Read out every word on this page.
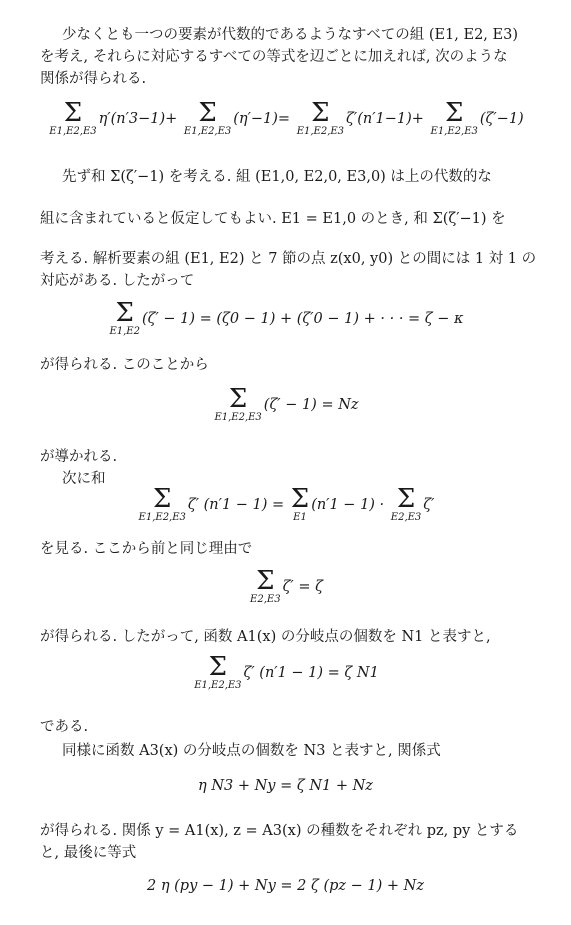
少なくとも一つの要素が代数的であるようなすべての組 (E1, E2, E3)
を考え, それらに対応するすべての等式を辺ごとに加えれば, 次のような
関係が得られる.
Σ
E1,E2,E3
η′(n′3−1)+ Σ
E1,E2,E3
(η′−1)= Σ
E1,E2,E3
ζ′(n′1−1)+ Σ
E1,E2,E3
(ζ′−1)
先ず和 Σ(ζ′−1) を考える. 組 (E1,0, E2,0, E3,0) は上の代数的な
組に含まれていると仮定してもよい. E1 = E1,0 のとき, 和 Σ(ζ′−1) を
考える. 解析要素の組 (E1, E2) と 7 節の点 z(x0, y0) との間には 1 対 1 の
対応がある. したがって
Σ
E1,E2
(ζ′ − 1) = (ζ0 − 1) + (ζ′0 − 1) + · · · = ζ − κ
が得られる. このことから
Σ
E1,E2,E3
(ζ′ − 1) = Nz
が導かれる.
次に和
Σ
E1,E2,E3
ζ′ (n′1 − 1) = Σ
E1
(n′1 − 1) · Σ
E2,E3
ζ′
を見る. ここから前と同じ理由で
Σ
E2,E3
ζ′ = ζ
が得られる. したがって, 函数 A1(x) の分岐点の個数を N1 と表すと,
Σ
E1,E2,E3
ζ′ (n′1 − 1) = ζ N1
である.
同様に函数 A3(x) の分岐点の個数を N3 と表すと, 関係式
η N3 + Ny = ζ N1 + Nz
が得られる. 関係 y = A1(x), z = A3(x) の種数をそれぞれ pz, py とする
と, 最後に等式
2 η (py − 1) + Ny = 2 ζ (pz − 1) + Nz
